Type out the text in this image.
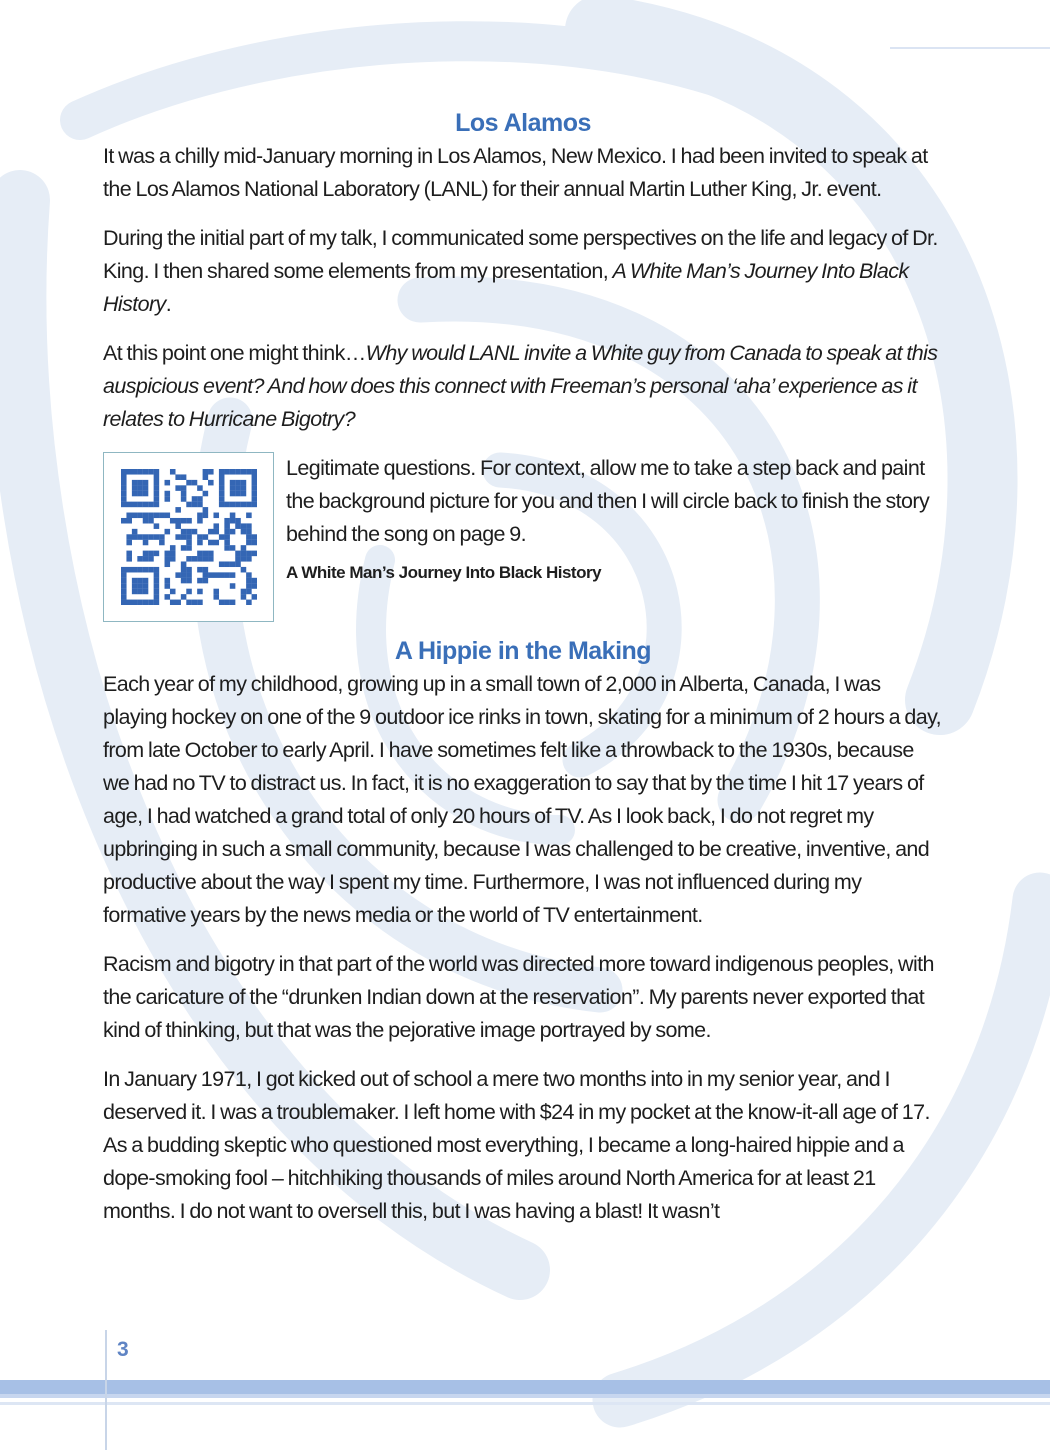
Los Alamos

It was a chilly mid-January morning in Los Alamos, New Mexico. I had been invited to speak at the Los Alamos National Laboratory (LANL) for their annual Martin Luther King, Jr. event.

During the initial part of my talk, I communicated some perspectives on the life and legacy of Dr. King. I then shared some elements from my presentation, A White Man’s Journey Into Black History.

At this point one might think…Why would LANL invite a White guy from Canada to speak at this auspicious event? And how does this connect with Freeman’s personal ‘aha’ experience as it relates to Hurricane Bigotry?

Legitimate questions. For context, allow me to take a step back and paint the background picture for you and then I will circle back to finish the story behind the song on page 9.

A White Man’s Journey Into Black History
A Hippie in the Making

Each year of my childhood, growing up in a small town of 2,000 in Alberta, Canada, I was playing hockey on one of the 9 outdoor ice rinks in town, skating for a minimum of 2 hours a day, from late October to early April. I have sometimes felt like a throwback to the 1930s, because we had no TV to distract us. In fact, it is no exaggeration to say that by the time I hit 17 years of age, I had watched a grand total of only 20 hours of TV. As I look back, I do not regret my upbringing in such a small community, because I was challenged to be creative, inventive, and productive about the way I spent my time. Furthermore, I was not influenced during my formative years by the news media or the world of TV entertainment.

Racism and bigotry in that part of the world was directed more toward indigenous peoples, with the caricature of the “drunken Indian down at the reservation”. My parents never exported that kind of thinking, but that was the pejorative image portrayed by some.

In January 1971, I got kicked out of school a mere two months into in my senior year, and I deserved it. I was a troublemaker. I left home with $24 in my pocket at the know-it-all age of 17. As a budding skeptic who questioned most everything, I became a long-haired hippie and a dope-smoking fool – hitchhiking thousands of miles around North America for at least 21 months. I do not want to oversell this, but I was having a blast! It wasn’t

3
